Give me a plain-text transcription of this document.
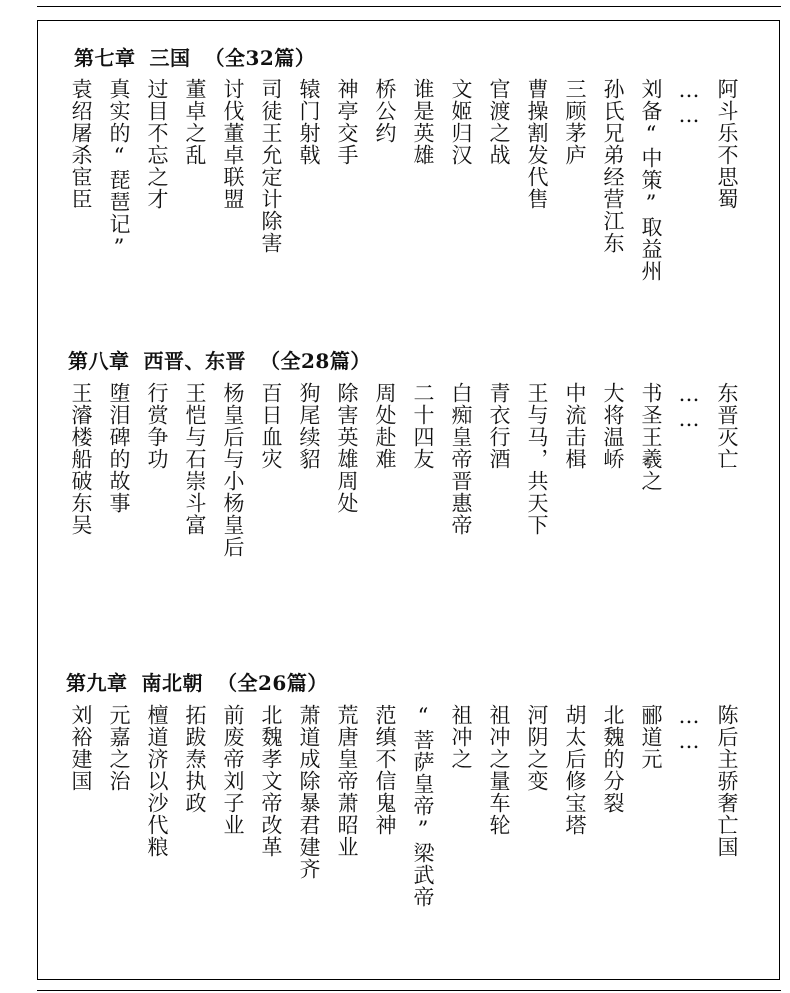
第七章 三国 （全32篇）
阿斗乐不思蜀
……
刘备“中策”取益州
孙氏兄弟经营江东
三顾茅庐
曹操割发代售
官渡之战
文姬归汉
谁是英雄
桥公约
神亭交手
辕门射戟
司徒王允定计除害
讨伐董卓联盟
董卓之乱
过目不忘之才
真实的“琵琶记”
袁绍屠杀宦臣
第八章 西晋、东晋 （全28篇）
东晋灭亡
……
书圣王羲之
大将温峤
中流击楫
王与马，共天下
青衣行酒
白痴皇帝晋惠帝
二十四友
周处赴难
除害英雄周处
狗尾续貂
百日血灾
杨皇后与小杨皇后
王恺与石崇斗富
行赏争功
堕泪碑的故事
王濬楼船破东吴
第九章 南北朝 （全26篇）
陈后主骄奢亡国
……
郦道元
北魏的分裂
胡太后修宝塔
河阴之变
祖冲之量车轮
祖冲之
“菩萨皇帝”梁武帝
范缜不信鬼神
荒唐皇帝萧昭业
萧道成除暴君建齐
北魏孝文帝改革
前废帝刘子业
拓跋焘执政
檀道济以沙代粮
元嘉之治
刘裕建国
